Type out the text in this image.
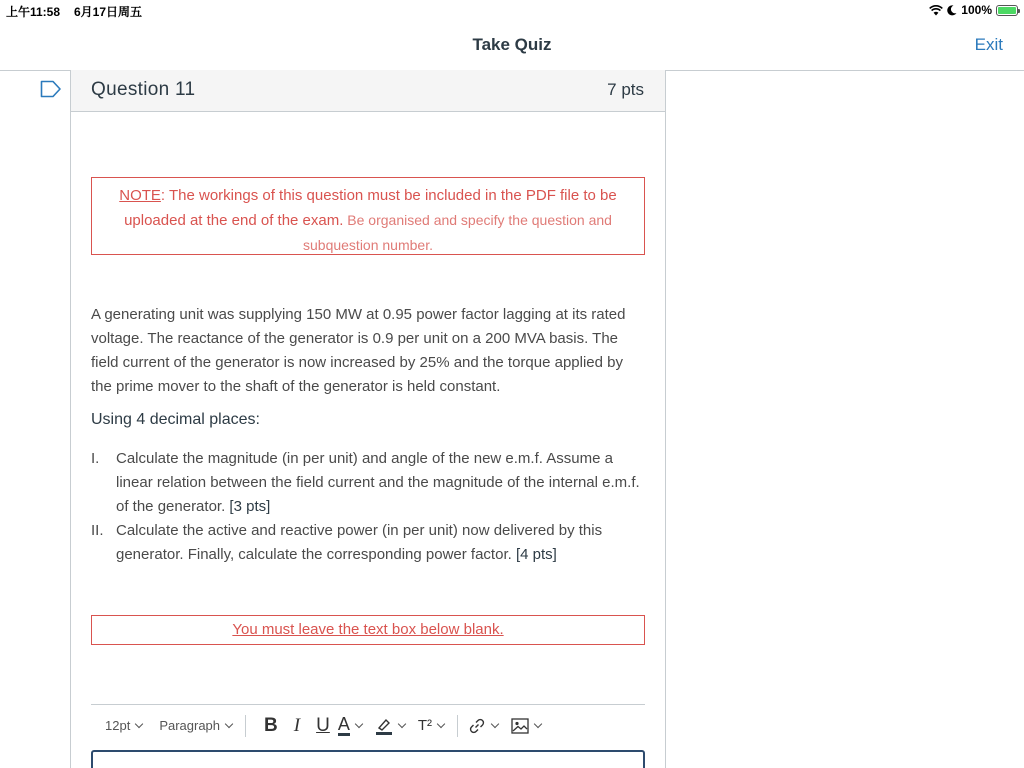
上午11:58 6月17日周五	100%
Take Quiz	Exit
Question 11	7 pts
NOTE: The workings of this question must be included in the PDF file to be uploaded at the end of the exam. Be organised and specify the question and subquestion number.
A generating unit was supplying 150 MW at 0.95 power factor lagging at its rated voltage. The reactance of the generator is 0.9 per unit on a 200 MVA basis. The field current of the generator is now increased by 25% and the torque applied by the prime mover to the shaft of the generator is held constant.
Using 4 decimal places:
I.	Calculate the magnitude (in per unit) and angle of the new e.m.f. Assume a linear relation between the field current and the magnitude of the internal e.m.f. of the generator. [3 pts]
II. Calculate the active and reactive power (in per unit) now delivered by this generator. Finally, calculate the corresponding power factor. [4 pts]
You must leave the text box below blank.
12pt Paragraph B I U A	T²
